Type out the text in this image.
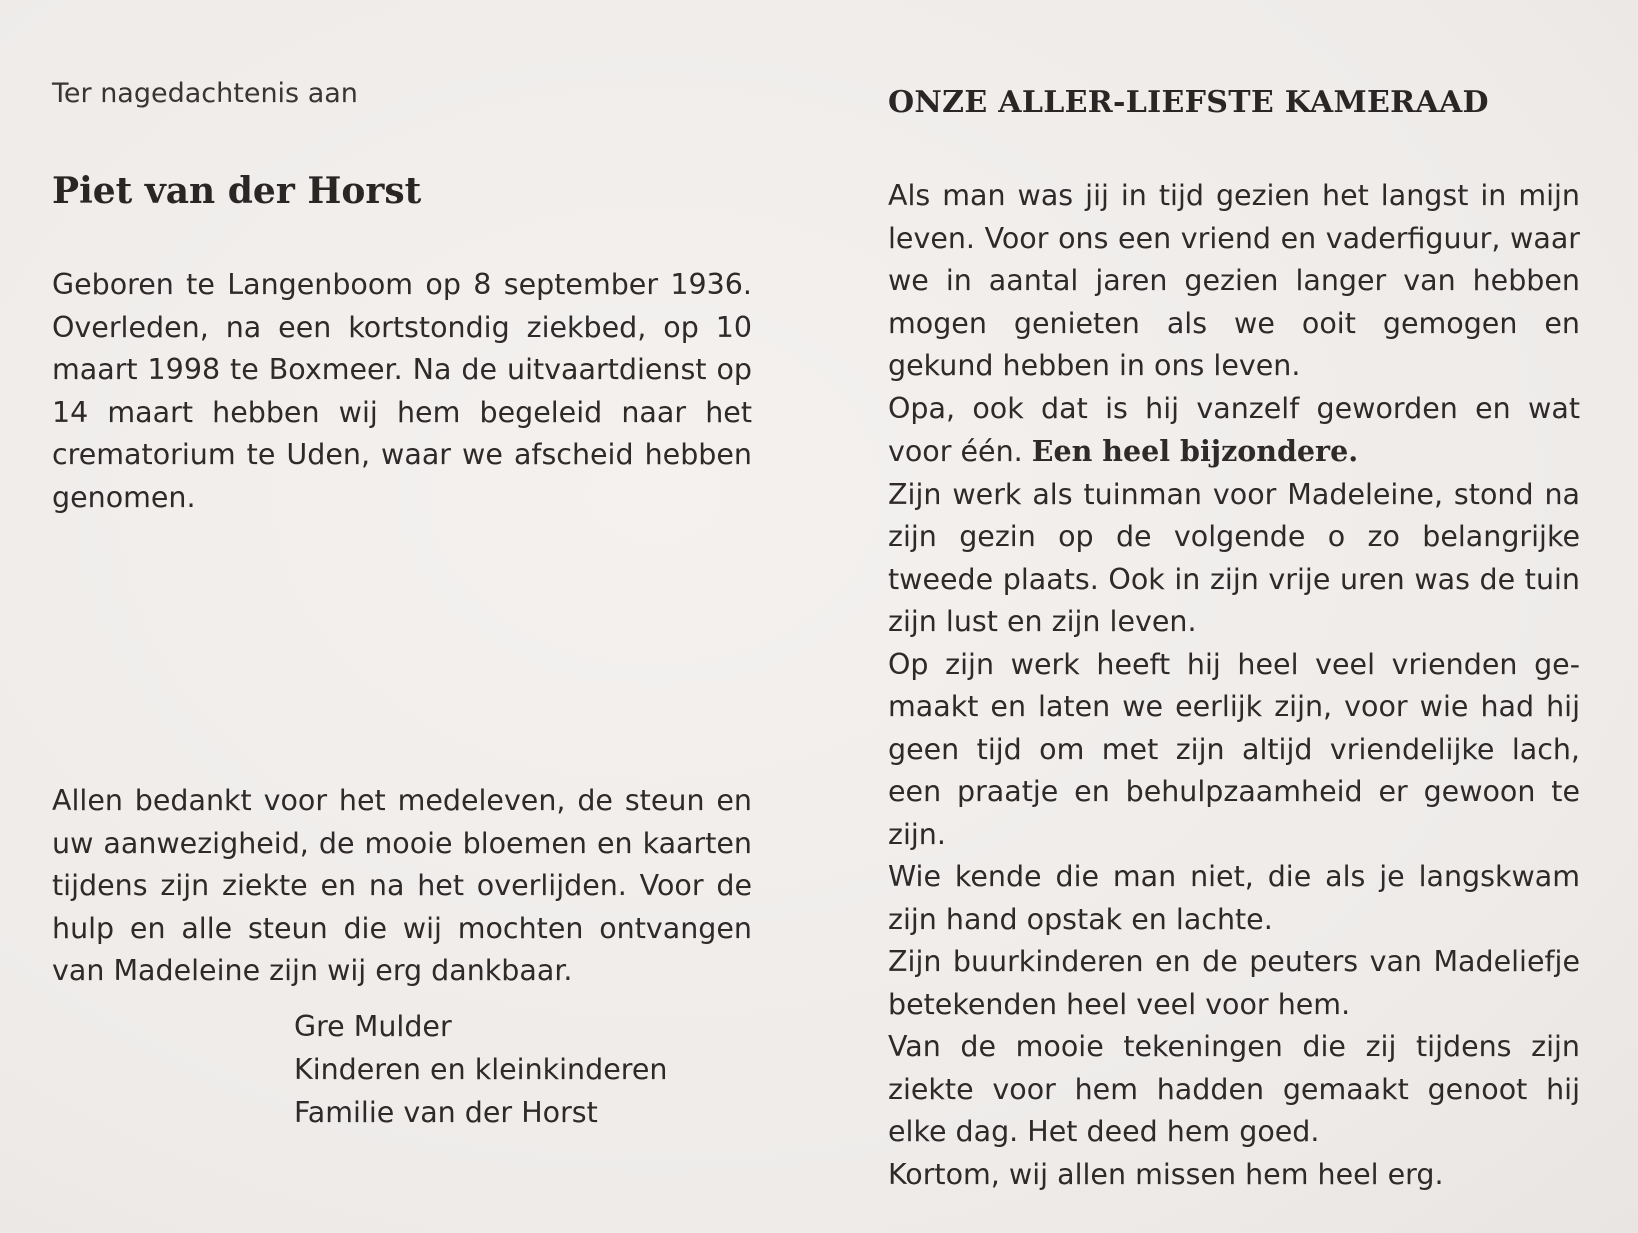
Ter nagedachtenis aan

Piet van der Horst

Geboren te Langenboom op 8 september 1936. Overleden, na een kortstondig ziekbed, op 10 maart 1998 te Boxmeer. Na de uitvaartdienst op 14 maart hebben wij hem begeleid naar het crematorium te Uden, waar we afscheid hebben genomen.

Allen bedankt voor het medeleven, de steun en uw aanwezigheid, de mooie bloemen en kaarten tijdens zijn ziekte en na het overlijden. Voor de hulp en alle steun die wij mochten ontvangen van Madeleine zijn wij erg dankbaar.

Gre Mulder
Kinderen en kleinkinderen
Familie van der Horst
ONZE ALLER-LIEFSTE KAMERAAD

Als man was jij in tijd gezien het langst in mijn leven. Voor ons een vriend en vaderfiguur, waar we in aantal jaren gezien langer van hebben mogen genieten als we ooit gemogen en gekund hebben in ons leven.

Opa, ook dat is hij vanzelf geworden en wat voor één. Een heel bijzondere.

Zijn werk als tuinman voor Madeleine, stond na zijn gezin op de volgende o zo belangrijke tweede plaats. Ook in zijn vrije uren was de tuin zijn lust en zijn leven.

Op zijn werk heeft hij heel veel vrienden gemaakt en laten we eerlijk zijn, voor wie had hij geen tijd om met zijn altijd vriendelijke lach, een praatje en behulpzaamheid er gewoon te zijn.

Wie kende die man niet, die als je langskwam zijn hand opstak en lachte.

Zijn buurkinderen en de peuters van Madeliefje betekenden heel veel voor hem.

Van de mooie tekeningen die zij tijdens zijn ziekte voor hem hadden gemaakt genoot hij elke dag. Het deed hem goed.

Kortom, wij allen missen hem heel erg.
